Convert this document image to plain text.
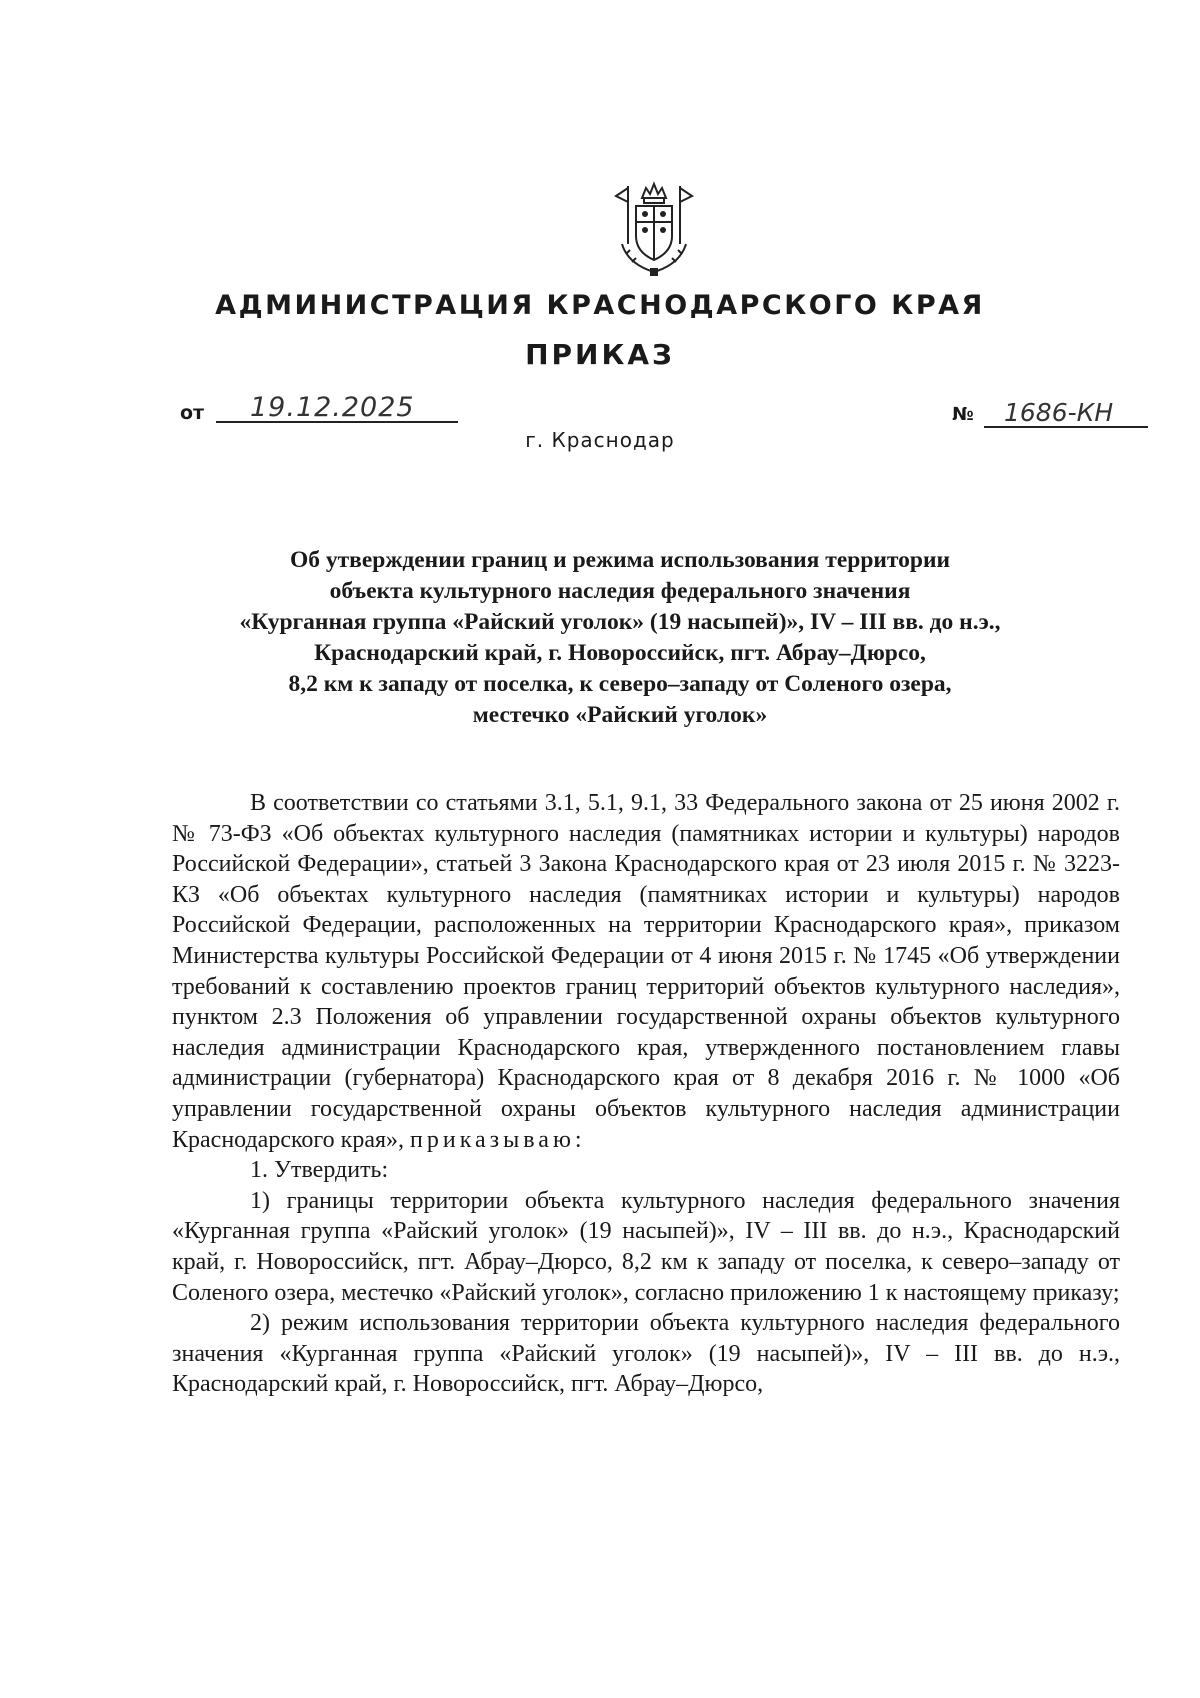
АДМИНИСТРАЦИЯ КРАСНОДАРСКОГО КРАЯ
ПРИКАЗ
от 19.12.2025
г. Краснодар
№ 1686-КН
Об утверждении границ и режима использования территории
объекта культурного наследия федерального значения
«Курганная группа «Райский уголок» (19 насыпей)», IV – III вв. до н.э.,
Краснодарский край, г. Новороссийск, пгт. Абрау–Дюрсо,
8,2 км к западу от поселка, к северо–западу от Соленого озера,
местечко «Райский уголок»

В соответствии со статьями 3.1, 5.1, 9.1, 33 Федерального закона от 25 июня 2002 г. № 73-ФЗ «Об объектах культурного наследия (памятниках истории и культуры) народов Российской Федерации», статьей 3 Закона Краснодарского края от 23 июля 2015 г. № 3223-КЗ «Об объектах культурного наследия (памятниках истории и культуры) народов Российской Федерации, расположенных на территории Краснодарского края», приказом Министерства культуры Российской Федерации от 4 июня 2015 г. № 1745 «Об утверждении требований к составлению проектов границ территорий объектов культурного наследия», пунктом 2.3 Положения об управлении государственной охраны объектов культурного наследия администрации Краснодарского края, утвержденного постановлением главы администрации (губернатора) Краснодарского края от 8 декабря 2016 г. № 1000 «Об управлении государственной охраны объектов культурного наследия администрации Краснодарского края», приказываю:

1. Утвердить:

1) границы территории объекта культурного наследия федерального значения «Курганная группа «Райский уголок» (19 насыпей)», IV – III вв. до н.э., Краснодарский край, г. Новороссийск, пгт. Абрау–Дюрсо, 8,2 км к западу от поселка, к северо–западу от Соленого озера, местечко «Райский уголок», согласно приложению 1 к настоящему приказу;

2) режим использования территории объекта культурного наследия федерального значения «Курганная группа «Райский уголок» (19 насыпей)», IV – III вв. до н.э., Краснодарский край, г. Новороссийск, пгт. Абрау–Дюрсо,
